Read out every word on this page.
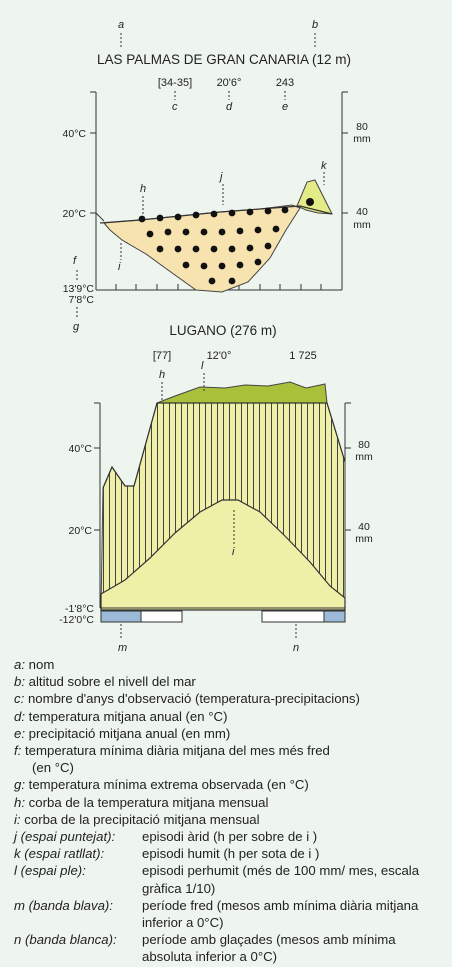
a	b
LAS PALMAS DE GRAN CANARIA (12 m)
[34-35] 20'6°	243
c	d	e
40°C
20°C
80
mm
40
mm
h
j
k
i
f
13'9°C
7'8°C
g	LUGANO (276 m)
[77]	12'0°	1 725
40°C
20°C
80
mm
40
mm
h
l
i
-1'8°C
-12'0°C
m	n
a:
nom
b:
altitud sobre el nivell del mar
c:
nombre d'anys d'observació (temperatura-precipitacions)
d:
temperatura mitjana anual (en °C)
e:
precipitació mitjana anual (en mm)
f:
temperatura mínima diària mitjana del mes més fred
(en °C)
g:
temperatura mínima extrema observada (en °C)
h:
corba de la temperatura mitjana mensual
i:
corba de la precipitació mitjana mensual
j (espai puntejat):	episodi àrid (h per sobre de i )
k (espai ratllat):	episodi humit (h per sota de i )
l (espai ple):	episodi perhumit (més de 100 mm/ mes, escala gràfica 1/10)
m (banda blava):	període fred (mesos amb mínima diària mitjana inferior a 0°C)
n (banda blanca):	període amb glaçades (mesos amb mínima absoluta inferior a 0°C)
